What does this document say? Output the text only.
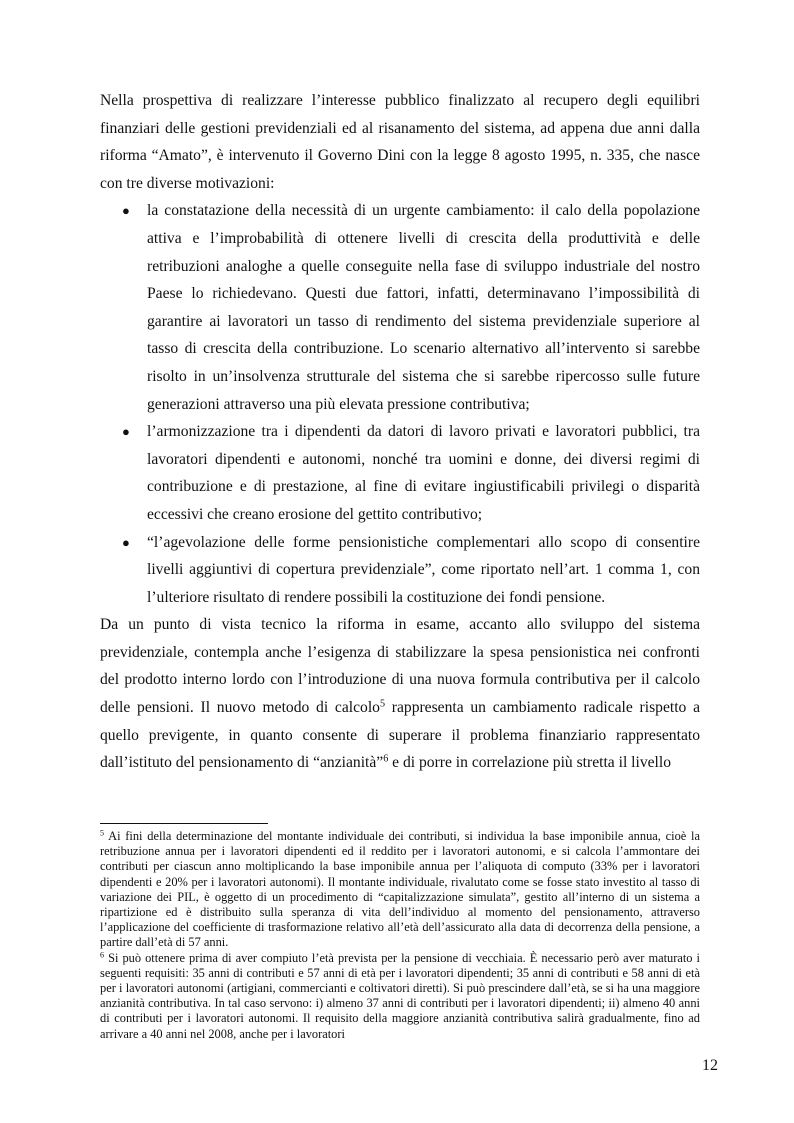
Nella prospettiva di realizzare l’interesse pubblico finalizzato al recupero degli equilibri finanziari delle gestioni previdenziali ed al risanamento del sistema, ad appena due anni dalla riforma “Amato”, è intervenuto il Governo Dini con la legge 8 agosto 1995, n. 335, che nasce con tre diverse motivazioni:

● la constatazione della necessità di un urgente cambiamento: il calo della popolazione attiva e l’improbabilità di ottenere livelli di crescita della produttività e delle retribuzioni analoghe a quelle conseguite nella fase di sviluppo industriale del nostro Paese lo richiedevano. Questi due fattori, infatti, determinavano l’impossibilità di garantire ai lavoratori un tasso di rendimento del sistema previdenziale superiore al tasso di crescita della contribuzione. Lo scenario alternativo all’intervento si sarebbe risolto in un’insolvenza strutturale del sistema che si sarebbe ripercosso sulle future generazioni attraverso una più elevata pressione contributiva;
● l’armonizzazione tra i dipendenti da datori di lavoro privati e lavoratori pubblici, tra lavoratori dipendenti e autonomi, nonché tra uomini e donne, dei diversi regimi di contribuzione e di prestazione, al fine di evitare ingiustificabili privilegi o disparità eccessivi che creano erosione del gettito contributivo;
● “l’agevolazione delle forme pensionistiche complementari allo scopo di consentire livelli aggiuntivi di copertura previdenziale”, come riportato nell’art. 1 comma 1, con l’ulteriore risultato di rendere possibili la costituzione dei fondi pensione.

Da un punto di vista tecnico la riforma in esame, accanto allo sviluppo del sistema previdenziale, contempla anche l’esigenza di stabilizzare la spesa pensionistica nei confronti del prodotto interno lordo con l’introduzione di una nuova formula contributiva per il calcolo delle pensioni. Il nuovo metodo di calcolo$^5$ rappresenta un cambiamento radicale rispetto a quello previgente, in quanto consente di superare il problema finanziario rappresentato dall’istituto del pensionamento di “anzianità”$^6$ e di porre in correlazione più stretta il livello

$^5$ Ai fini della determinazione del montante individuale dei contributi, si individua la base imponibile annua, cioè la retribuzione annua per i lavoratori dipendenti ed il reddito per i lavoratori autonomi, e si calcola l’ammontare dei contributi per ciascun anno moltiplicando la base imponibile annua per l’aliquota di computo (33% per i lavoratori dipendenti e 20% per i lavoratori autonomi). Il montante individuale, rivalutato come se fosse stato investito al tasso di variazione dei PIL, è oggetto di un procedimento di “capitalizzazione simulata”, gestito all’interno di un sistema a ripartizione ed è distribuito sulla speranza di vita dell’individuo al momento del pensionamento, attraverso l’applicazione del coefficiente di trasformazione relativo all’età dell’assicurato alla data di decorrenza della pensione, a partire dall’età di 57 anni.

$^6$ Si può ottenere prima di aver compiuto l’età prevista per la pensione di vecchiaia. È necessario però aver maturato i seguenti requisiti: 35 anni di contributi e 57 anni di età per i lavoratori dipendenti; 35 anni di contributi e 58 anni di età per i lavoratori autonomi (artigiani, commercianti e coltivatori diretti). Si può prescindere dall’età, se si ha una maggiore anzianità contributiva. In tal caso servono: i) almeno 37 anni di contributi per i lavoratori dipendenti; ii) almeno 40 anni di contributi per i lavoratori autonomi. Il requisito della maggiore anzianità contributiva salirà gradualmente, fino ad arrivare a 40 anni nel 2008, anche per i lavoratori

12
